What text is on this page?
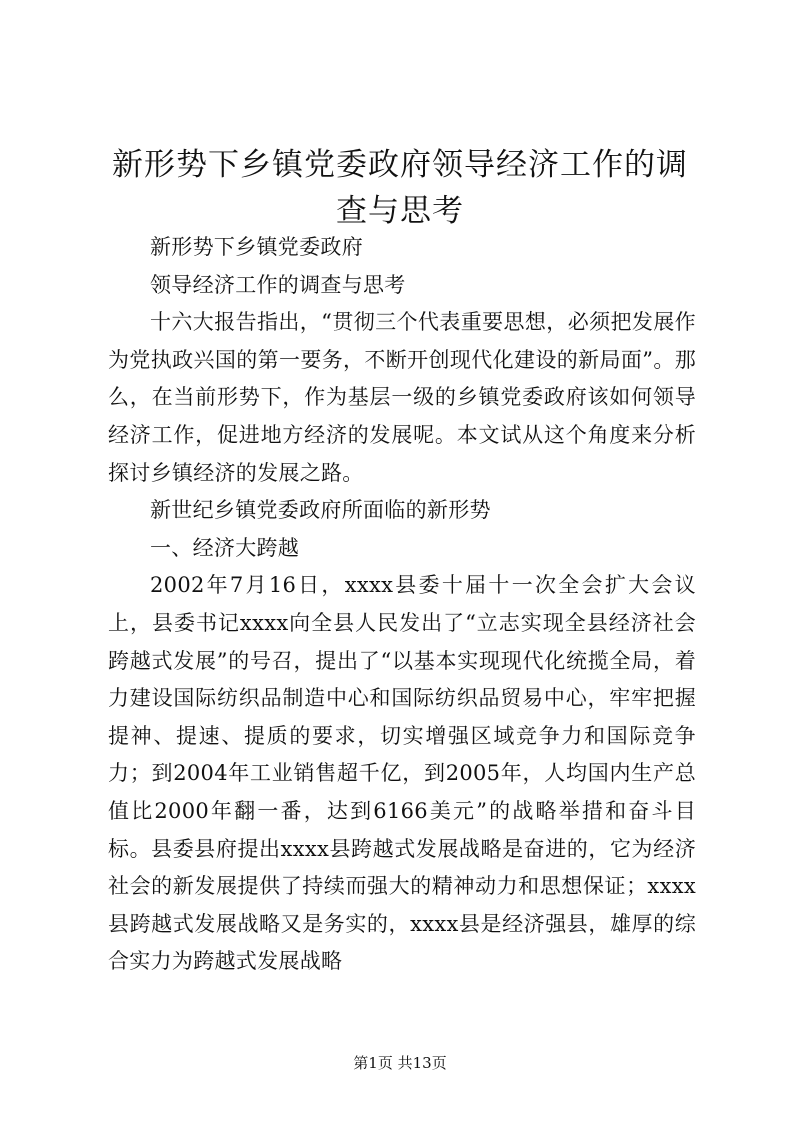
新形势下乡镇党委政府领导经济工作的调查与思考

新形势下乡镇党委政府

领导经济工作的调查与思考

十六大报告指出，“贯彻三个代表重要思想，必须把发展作为党执政兴国的第一要务，不断开创现代化建设的新局面”。那么，在当前形势下，作为基层一级的乡镇党委政府该如何领导经济工作，促进地方经济的发展呢。本文试从这个角度来分析探讨乡镇经济的发展之路。

新世纪乡镇党委政府所面临的新形势

一、经济大跨越

2002年7月16日，xxxx县委十届十一次全会扩大会议上，县委书记xxxx向全县人民发出了“立志实现全县经济社会跨越式发展”的号召，提出了“以基本实现现代化统揽全局，着力建设国际纺织品制造中心和国际纺织品贸易中心，牢牢把握提神、提速、提质的要求，切实增强区域竞争力和国际竞争力；到2004年工业销售超千亿，到2005年，人均国内生产总值比2000年翻一番，达到6166美元”的战略举措和奋斗目标。县委县府提出xxxx县跨越式发展战略是奋进的，它为经济社会的新发展提供了持续而强大的精神动力和思想保证；xxxx县跨越式发展战略又是务实的，xxxx县是经济强县，雄厚的综合实力为跨越式发展战略

第1页 共13页
